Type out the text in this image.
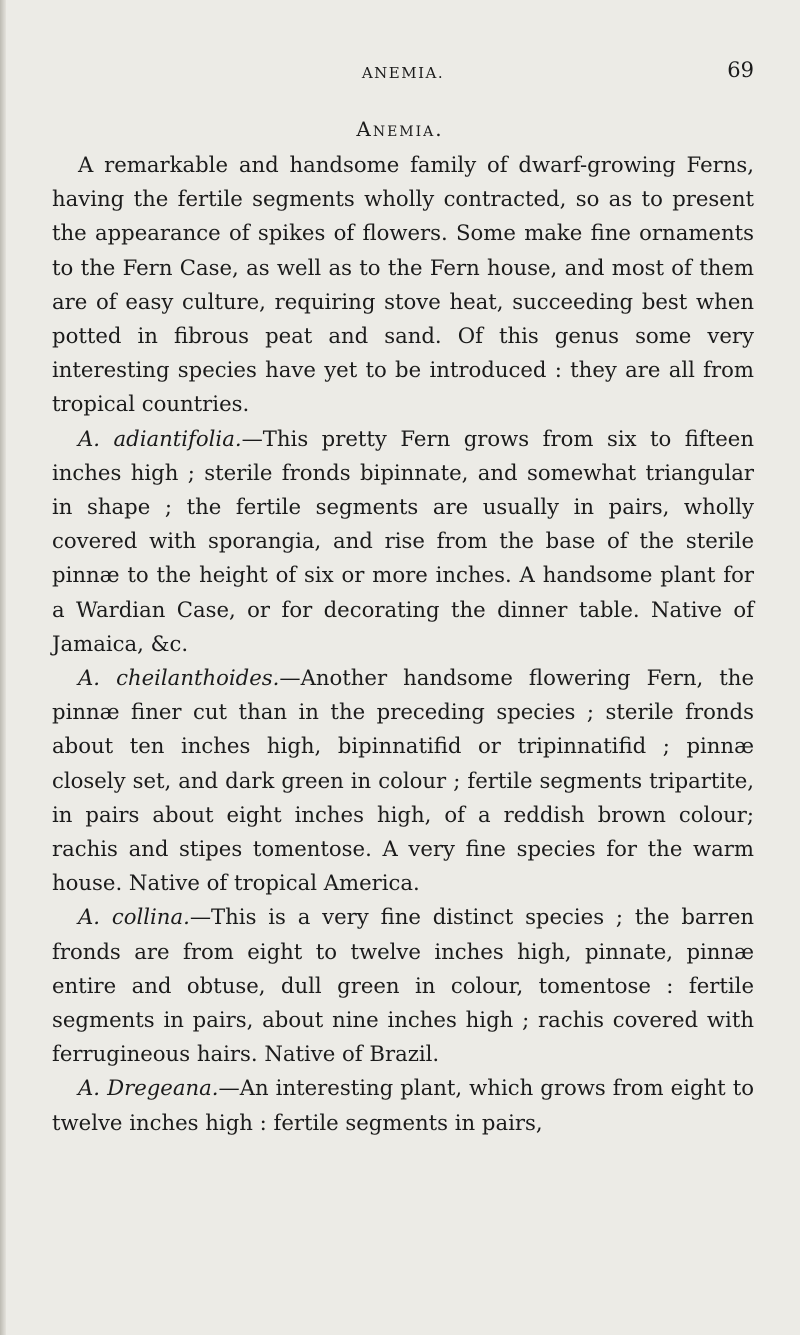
ANEMIA.	69
Anemia.

A remarkable and handsome family of dwarf-growing Ferns, having the fertile segments wholly contracted, so as to present the appearance of spikes of flowers. Some make fine ornaments to the Fern Case, as well as to the Fern house, and most of them are of easy culture, requiring stove heat, succeeding best when potted in fibrous peat and sand. Of this genus some very interesting species have yet to be introduced : they are all from tropical countries.

A. adiantifolia.—This pretty Fern grows from six to fifteen inches high ; sterile fronds bipinnate, and somewhat triangular in shape ; the fertile segments are usually in pairs, wholly covered with sporangia, and rise from the base of the sterile pinnæ to the height of six or more inches. A handsome plant for a Wardian Case, or for decorating the dinner table. Native of Jamaica, &c.

A. cheilanthoides.—Another handsome flowering Fern, the pinnæ finer cut than in the preceding species ; sterile fronds about ten inches high, bipinnatifid or tripinnatifid ; pinnæ closely set, and dark green in colour ; fertile segments tripartite, in pairs about eight inches high, of a reddish brown colour; rachis and stipes tomentose. A very fine species for the warm house. Native of tropical America.

A. collina.—This is a very fine distinct species ; the barren fronds are from eight to twelve inches high, pinnate, pinnæ entire and obtuse, dull green in colour, tomentose : fertile segments in pairs, about nine inches high ; rachis covered with ferrugineous hairs. Native of Brazil.

A. Dregeana.—An interesting plant, which grows from eight to twelve inches high : fertile segments in pairs,
